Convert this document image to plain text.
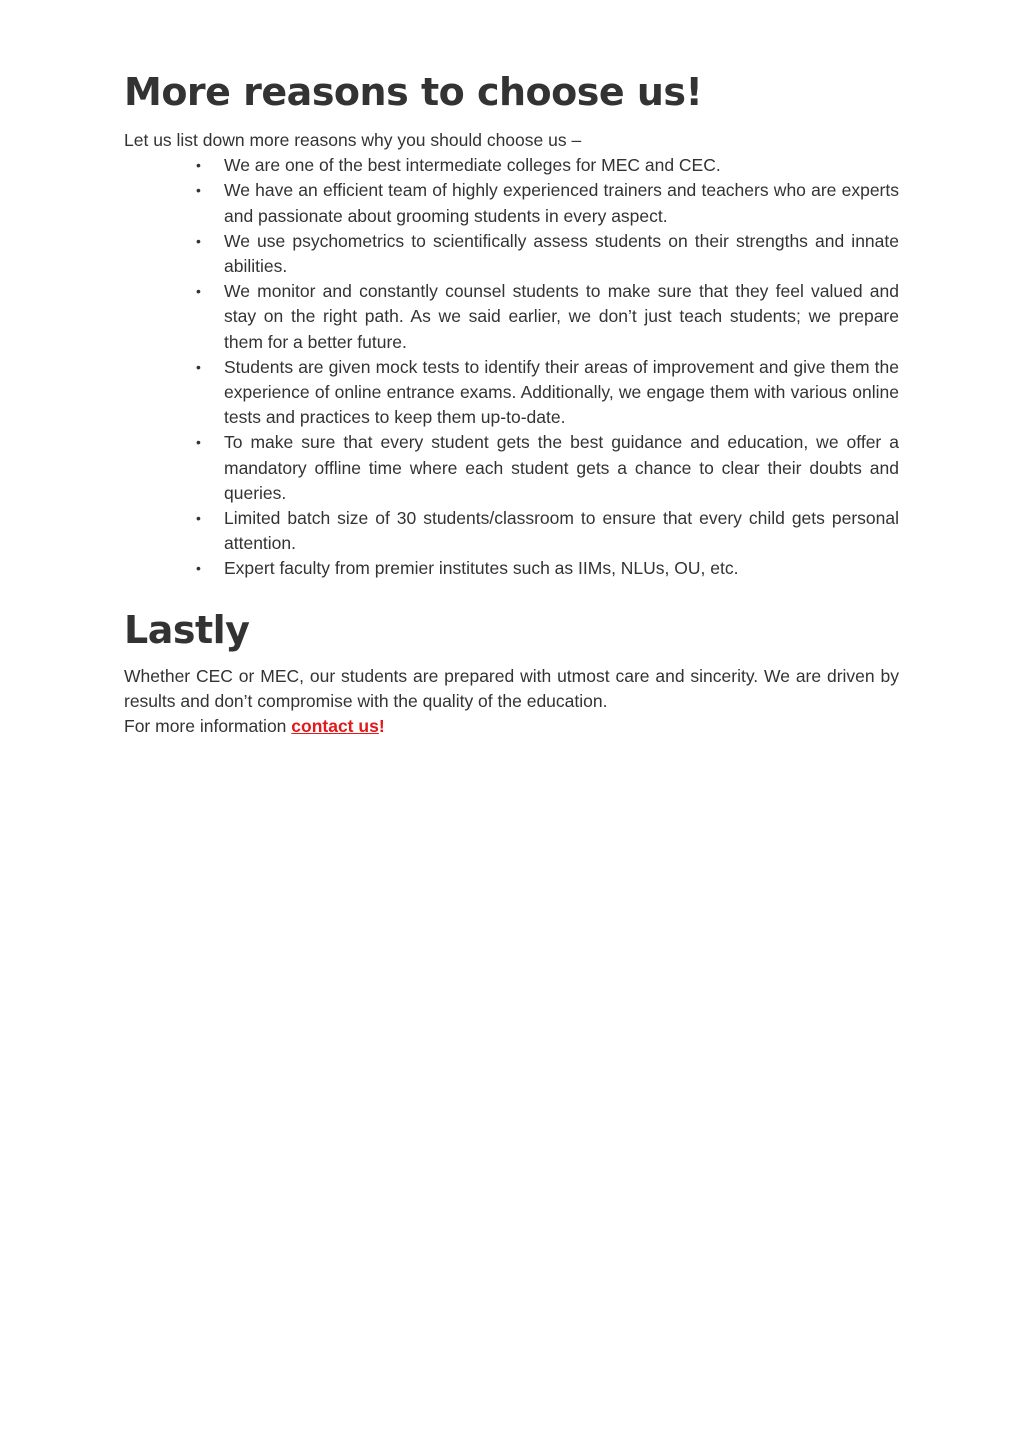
More reasons to choose us!

Let us list down more reasons why you should choose us –

• We are one of the best intermediate colleges for MEC and CEC.
• We have an efficient team of highly experienced trainers and teachers who are experts and passionate about grooming students in every aspect.
• We use psychometrics to scientifically assess students on their strengths and innate abilities.
• We monitor and constantly counsel students to make sure that they feel valued and stay on the right path. As we said earlier, we don’t just teach students; we prepare them for a better future.
• Students are given mock tests to identify their areas of improvement and give them the experience of online entrance exams. Additionally, we engage them with various online tests and practices to keep them up-to-date.
• To make sure that every student gets the best guidance and education, we offer a mandatory offline time where each student gets a chance to clear their doubts and queries.
• Limited batch size of 30 students/classroom to ensure that every child gets personal attention.
• Expert faculty from premier institutes such as IIMs, NLUs, OU, etc.
Lastly

Whether CEC or MEC, our students are prepared with utmost care and sincerity. We are driven by results and don’t compromise with the quality of the education.

For more information contact us!
